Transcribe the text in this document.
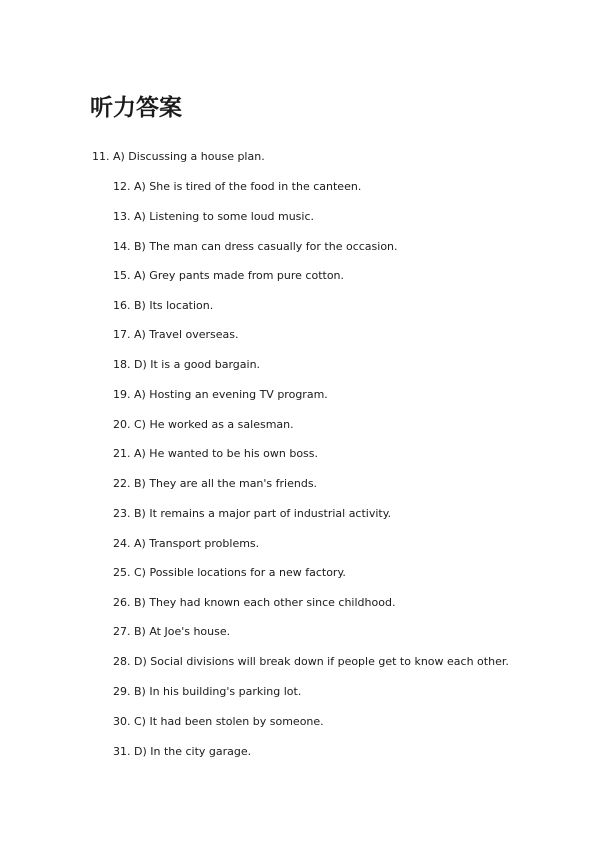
听力答案
11. A) Discussing a house plan.
12. A) She is tired of the food in the canteen.
13. A) Listening to some loud music.
14. B) The man can dress casually for the occasion.
15. A) Grey pants made from pure cotton.
16. B) Its location.
17. A) Travel overseas.
18. D) It is a good bargain.
19. A) Hosting an evening TV program.
20. C) He worked as a salesman.
21. A) He wanted to be his own boss.
22. B) They are all the man's friends.
23. B) It remains a major part of industrial activity.
24. A) Transport problems.
25. C) Possible locations for a new factory.
26. B) They had known each other since childhood.
27. B) At Joe's house.
28. D) Social divisions will break down if people get to know each other.
29. B) In his building's parking lot.
30. C) It had been stolen by someone.
31. D) In the city garage.
